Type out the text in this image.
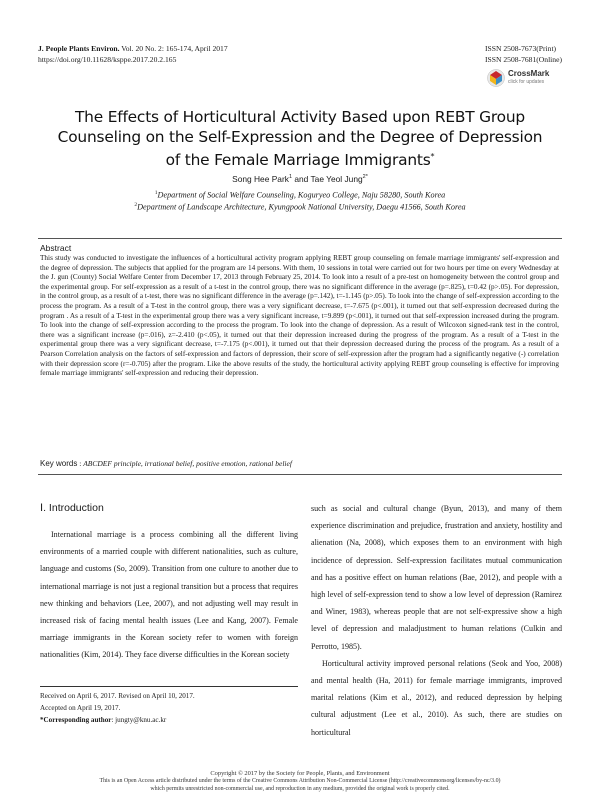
J. People Plants Environ. Vol. 20 No. 2: 165-174, April 2017
https://doi.org/10.11628/ksppe.2017.20.2.165
ISSN 2508-7673(Print)
ISSN 2508-7681(Online)
CrossMark
click for updates
The Effects of Horticultural Activity Based upon REBT Group
Counseling on the Self-Expression and the Degree of Depression
of the Female Marriage Immigrants*
Song Hee Park$^1$ and Tae Yeol Jung$^{2*}$
$^1$Department of Social Welfare Counseling, Koguryeo College, Naju 58280, South Korea
$^2$Department of Landscape Architecture, Kyungpook National University, Daegu 41566, South Korea
Abstract
This study was conducted to investigate the influences of a horticultural activity program applying REBT group counseling on female marriage immigrants' self-expression and the degree of depression. The subjects that applied for the program are 14 persons. With them, 10 sessions in total were carried out for two hours per time on every Wednesday at the J. gun (County) Social Welfare Center from December 17, 2013 through February 25, 2014. To look into a result of a pre-test on homogeneity between the control group and the experimental group. For self-expression as a result of a t-test in the control group, there was no significant difference in the average (p=.825), t=0.42 (p>.05). For depression, in the control group, as a result of a t-test, there was no significant difference in the average (p=.142), t=-1.145 (p>.05). To look into the change of self-expression according to the process the program. As a result of a T-test in the control group, there was a very significant decrease, t=-7.675 (p<.001), it turned out that self-expression decreased during the program . As a result of a T-test in the experimental group there was a very significant increase, t=9.899 (p<.001), it turned out that self-expression increased during the program. To look into the change of self-expression according to the process the program. To look into the change of depression. As a result of Wilcoxon signed-rank test in the control, there was a significant increase (p=.016), z=-2.410 (p<.05), it turned out that their depression increased during the progress of the program. As a result of a T-test in the experimental group there was a very significant decrease, t=-7.175 (p<.001), it turned out that their depression decreased during the process of the program. As a result of a Pearson Correlation analysis on the factors of self-expression and factors of depression, their score of self-expression after the program had a significantly negative (-) correlation with their depression score (r=-0.705) after the program. Like the above results of the study, the horticultural activity applying REBT group counseling is effective for improving female marriage immigrants' self-expression and reducing their depression.
Key words : ABCDEF principle, irrational belief, positive emotion, rational belief
Ⅰ. Introduction

International marriage is a process combining all the different living environments of a married couple with different nationalities, such as culture, language and customs (So, 2009). Transition from one culture to another due to international marriage is not just a regional transition but a process that requires new thinking and behaviors (Lee, 2007), and not adjusting well may result in increased risk of facing mental health issues (Lee and Kang, 2007). Female marriage immigrants in the Korean society refer to women with foreign nationalities (Kim, 2014). They face diverse difficulties in the Korean society

such as social and cultural change (Byun, 2013), and many of them experience discrimination and prejudice, frustration and anxiety, hostility and alienation (Na, 2008), which exposes them to an environment with high incidence of depression. Self-expression facilitates mutual communication and has a positive effect on human relations (Bae, 2012), and people with a high level of self-expression tend to show a low level of depression (Ramirez and Winer, 1983), whereas people that are not self-expressive show a high level of depression and maladjustment to human relations (Culkin and Perrotto, 1985).

Horticultural activity improved personal relations (Seok and Yoo, 2008) and mental health (Ha, 2011) for female marriage immigrants, improved marital relations (Kim et al., 2012), and reduced depression by helping cultural adjustment (Lee et al., 2010). As such, there are studies on horticultural

Received on April 6, 2017. Revised on April 10, 2017.
Accepted on April 19, 2017.
*Corresponding author: jungty@knu.ac.kr
Copyright © 2017 by the Society for People, Plants, and Environment
This is an Open Access article distributed under the terms of the Creative Commons Attribution Non-Commercial License (http://creativecommonsorg/licenses/by-nc/3.0)
which permits unrestricted non-commercial use, and reproduction in any medium, provided the original work is properly cited.
